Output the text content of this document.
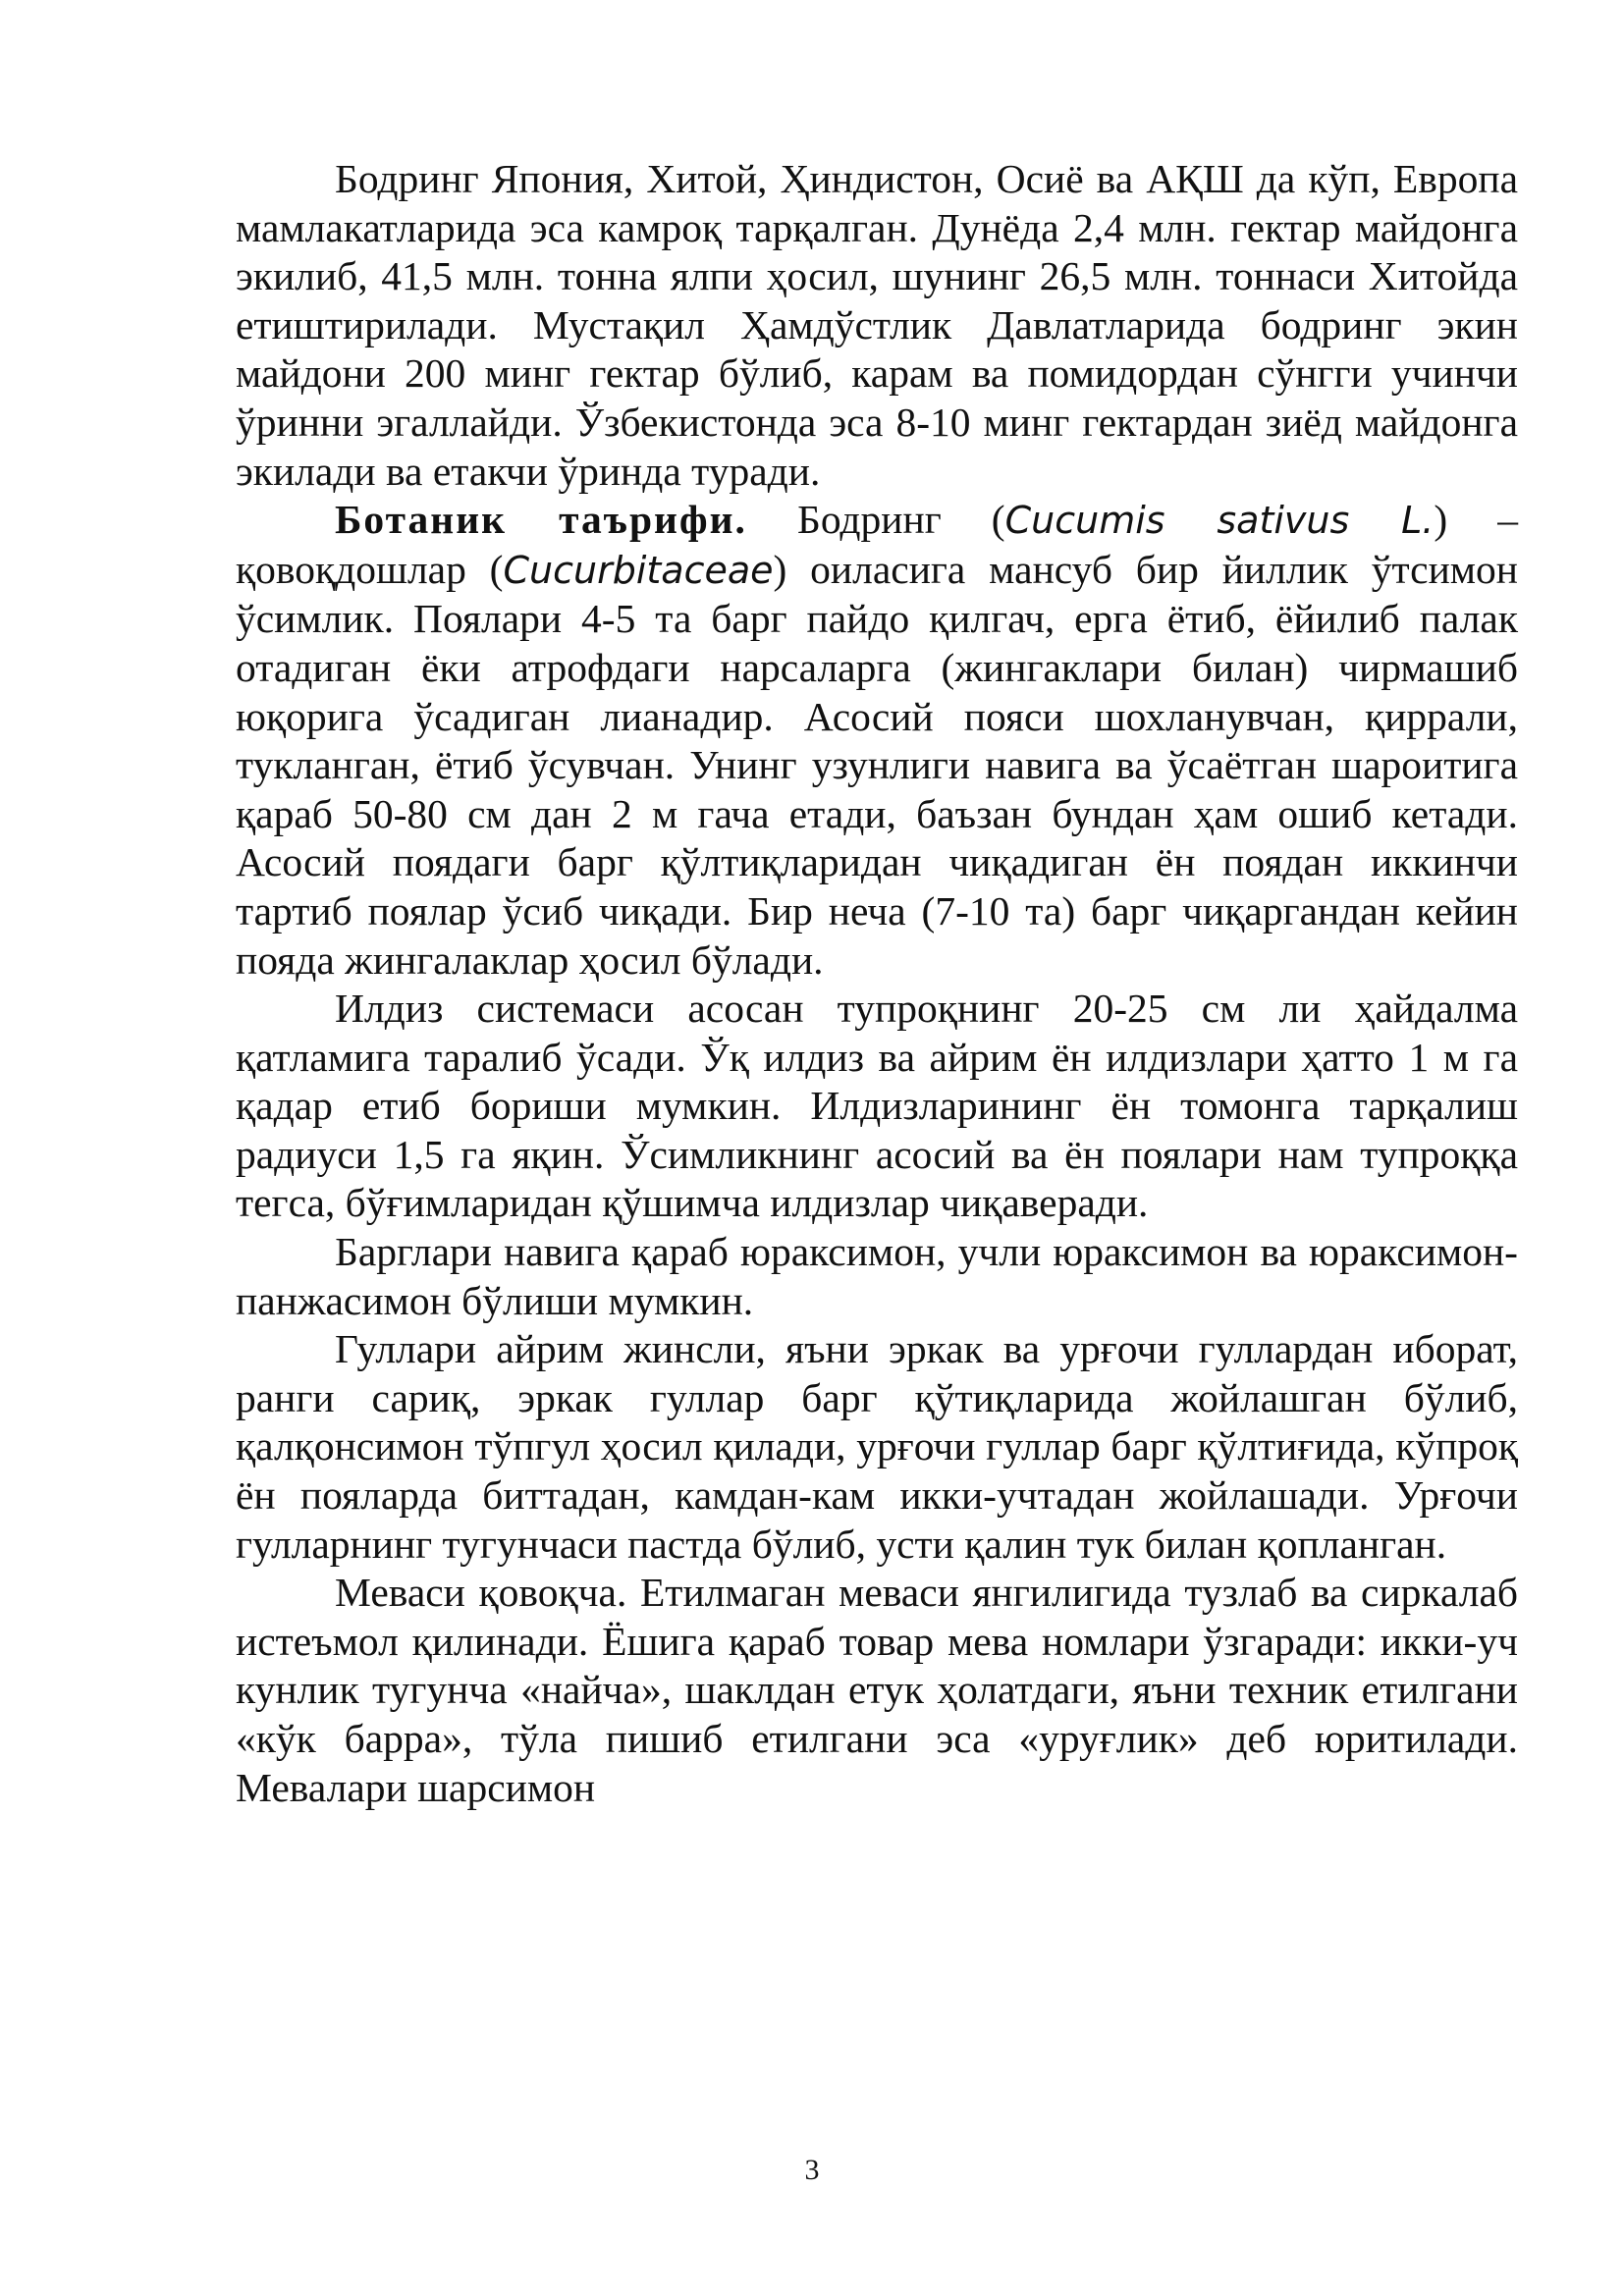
Бодринг Япония, Хитой, Ҳиндистон, Осиё ва АҚШ да кўп, Европа мамлакатларида эса камроқ тарқалган. Дунёда 2,4 млн. гектар майдонга экилиб, 41,5 млн. тонна ялпи ҳосил, шунинг 26,5 млн. тоннаси Хитойда етиштирилади. Мустақил Ҳамдўстлик Давлатларида бодринг экин майдони 200 минг гектар бўлиб, карам ва помидордан сўнгги учинчи ўринни эгаллайди. Ўзбекистонда эса 8-10 минг гектардан зиёд майдонга экилади ва етакчи ўринда туради.

Ботаник таърифи. Бодринг (Cucumis sativus L.) – қовоқдошлар (Cucurbitaceae) оиласига мансуб бир йиллик ўтсимон ўсимлик. Поялари 4-5 та барг пайдо қилгач, ерга ётиб, ёйилиб палак отадиган ёки атрофдаги нарсаларга (жингаклари билан) чирмашиб юқорига ўсадиган лианадир. Асосий пояси шохланувчан, қиррали, тукланган, ётиб ўсувчан. Унинг узунлиги навига ва ўсаётган шароитига қараб 50-80 см дан 2 м гача етади, баъзан бундан ҳам ошиб кетади. Асосий поядаги барг қўлтиқларидан чиқадиган ён поядан иккинчи тартиб поялар ўсиб чиқади. Бир неча (7-10 та) барг чиқаргандан кейин пояда жингалаклар ҳосил бўлади.

Илдиз системаси асосан тупроқнинг 20-25 см ли ҳайдалма қатламига тарaлиб ўсади. Ўқ илдиз ва айрим ён илдизлари ҳатто 1 м га қадар етиб бориши мумкин. Илдизларининг ён томонга тарқалиш радиуси 1,5 га яқин. Ўсимликнинг асосий ва ён поялари нам тупроққа тегса, бўғимларидан қўшимча илдизлар чиқаверади.

Барглари навига қараб юраксимон, учли юраксимон ва юраксимон-панжасимон бўлиши мумкин.

Гуллари айрим жинсли, яъни эркак ва урғочи гуллардан иборат, ранги сариқ, эркак гуллар барг қўтиқларида жойлашган бўлиб, қалқонсимон тўпгул ҳосил қилади, урғочи гуллар барг қўлтиғида, кўпроқ ён пояларда биттадан, камдан-кам икки-учтадан жойлашади. Урғочи гулларнинг тугунчаси пастда бўлиб, усти қалин тук билан қопланган.

Меваси қовоқча. Етилмаган меваси янгилигида тузлаб ва сиркалаб истеъмол қилинади. Ёшига қараб товар мева номлари ўзгаради: икки-уч кунлик тугунча «найча», шаклдан етук ҳолатдаги, яъни техник етилгани «кўк барра», тўла пишиб етилгани эса «уруғлик» деб юритилади. Мевалари шарсимон

3
